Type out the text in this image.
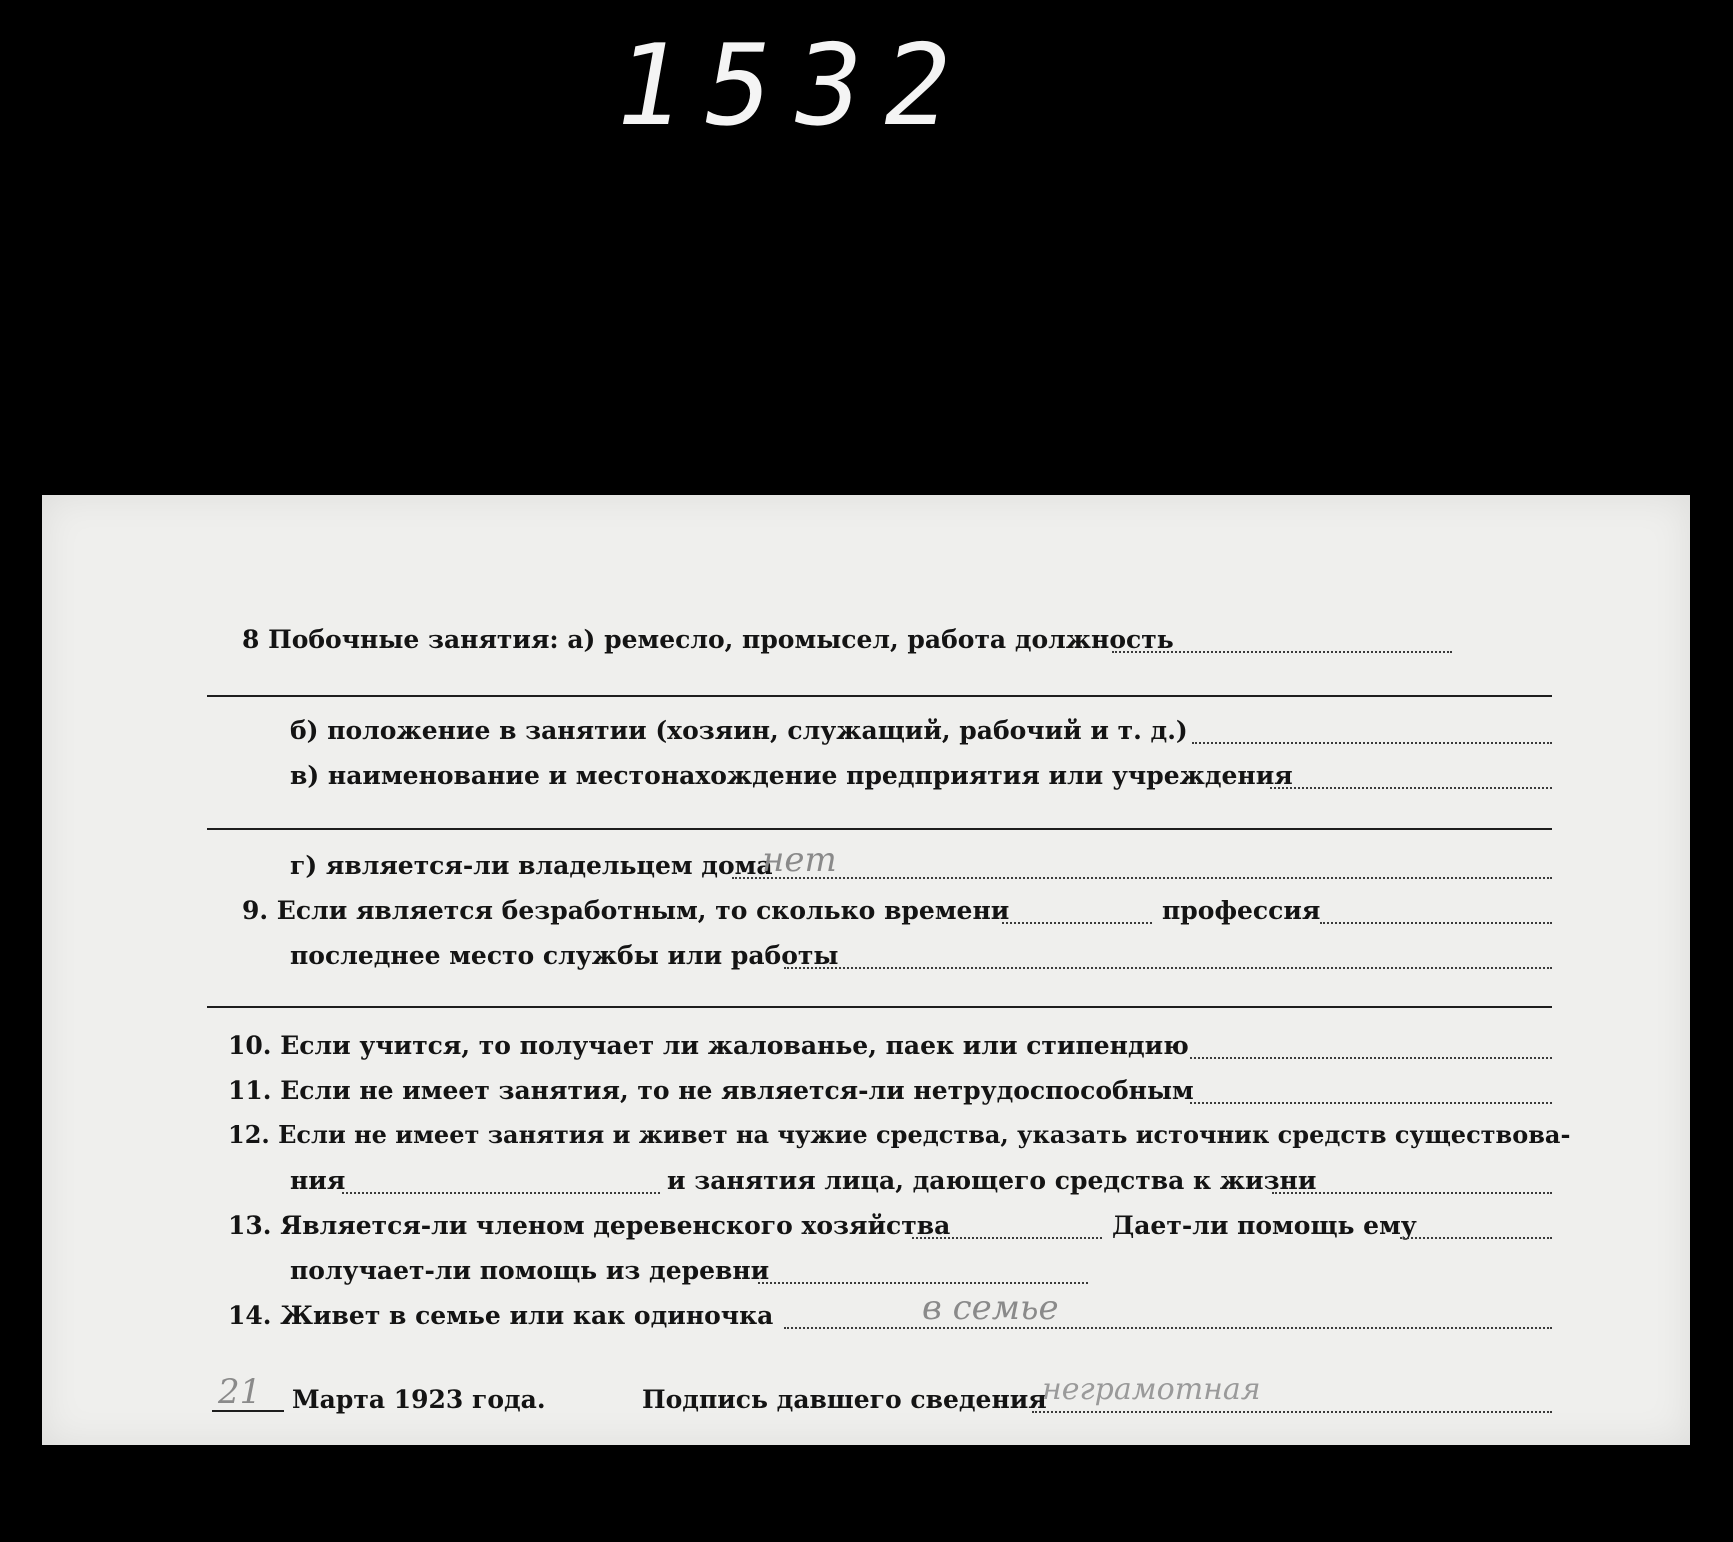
1532
8 Побочные занятия: а) ремесло, промысел, работа должность
б) положение в занятии (хозяин, служащий, рабочий и т. д.)
в) наименование и местонахождение предприятия или учреждения
г) является-ли владельцем дома
нет
9. Если является безработным, то сколько времени	профессия
последнее место службы или работы
10. Если учится, то получает ли жалованье, паек или стипендию
11. Если не имеет занятия, то не является-ли нетрудоспособным
12. Если не имеет занятия и живет на чужие средства, указать источник средств существова-
ния	и занятия лица, дающего средства к жизни
13. Является-ли членом деревенского хозяйства	Дает-ли помощь ему
получает-ли помощь из деревни
14. Живет в семье или как одиночка	в семье
21 Марта 1923 года.	Подпись давшего сведения
неграмотная
